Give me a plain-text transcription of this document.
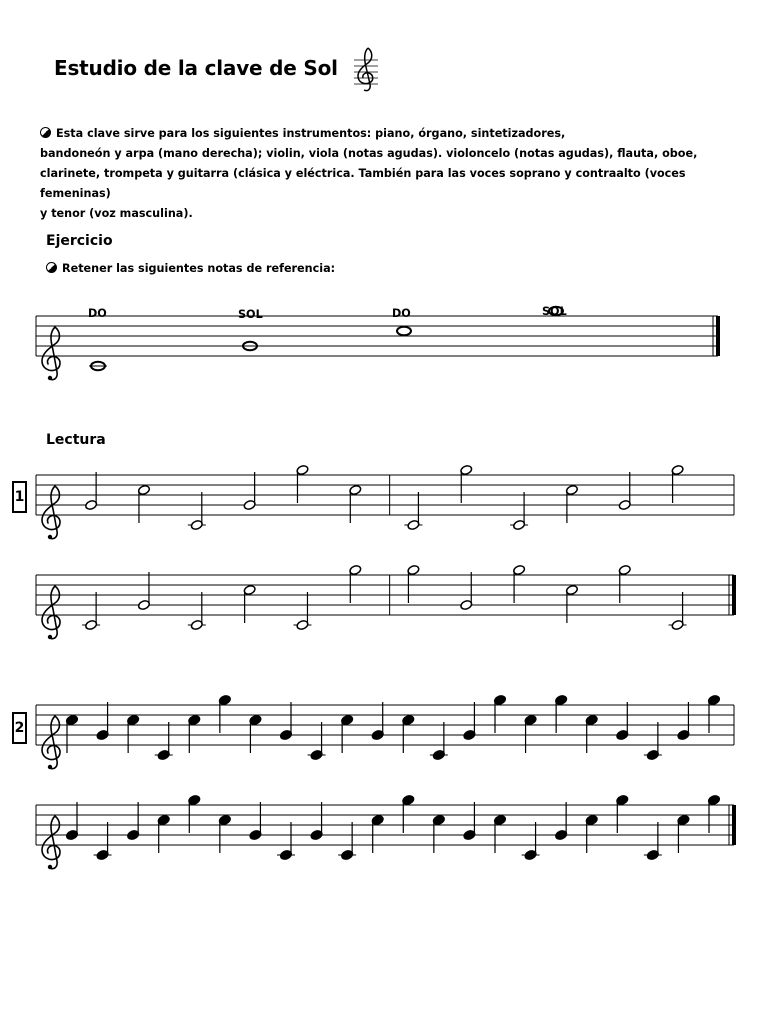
Estudio de la clave de Sol
Esta clave sirve para los siguientes instrumentos: piano, órgano, sintetizadores,
bandoneón y arpa (mano derecha); violin, viola (notas agudas). violoncelo (notas agudas), flauta, oboe,
clarinete, trompeta y guitarra (clásica y eléctrica. También para las voces soprano y contraalto (voces femeninas)
y tenor (voz masculina).
Ejercicio
Retener las siguientes notas de referencia:
DO	SOL	DO	SOL
Lectura
1
2
